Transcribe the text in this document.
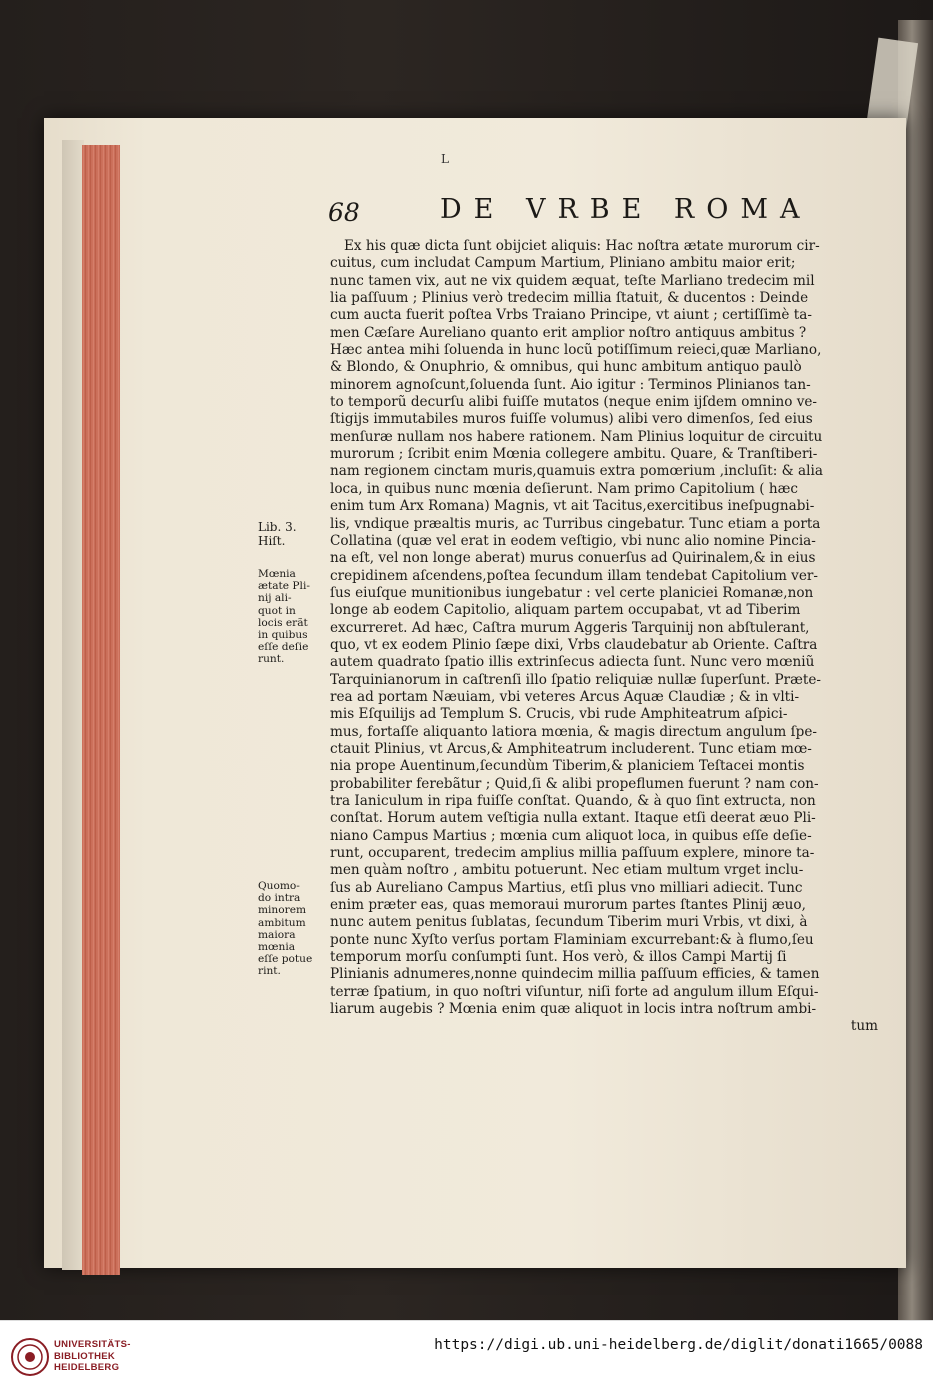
L
68	DE VRBE ROMA
Ex his quæ dicta ſunt obijciet aliquis: Hac noſtra ætate murorum cir-
cuitus, cum includat Campum Martium, Pliniano ambitu maior erit;
nunc tamen vix, aut ne vix quidem æquat, teſte Marliano tredecim mil
lia paſſuum ; Plinius verò tredecim millia ſtatuit, & ducentos : Deinde
cum aucta fuerit poſtea Vrbs Traiano Principe, vt aiunt ; certiſſimè ta-
men Cæſare Aureliano quanto erit amplior noſtro antiquus ambitus ?
Hæc antea mihi ſoluenda in hunc locũ potiſſimum reieci,quæ Marliano,
& Blondo, & Onuphrio, & omnibus, qui hunc ambitum antiquo paulò
minorem agnoſcunt,ſoluenda ſunt. Aio igitur : Terminos Plinianos tan-
to temporũ decurſu alibi fuiſſe mutatos (neque enim ijſdem omnino ve-
ſtigijs immutabiles muros fuiſſe volumus) alibi vero dimenſos, ſed eius
menſuræ nullam nos habere rationem. Nam Plinius loquitur de circuitu
murorum ; ſcribit enim Mœnia collegere ambitu. Quare, & Tranſtiberi-
nam regionem cinctam muris,quamuis extra pomœrium ,incluſit: & alia
loca, in quibus nunc mœnia deſierunt. Nam primo Capitolium ( hæc
enim tum Arx Romana) Magnis, vt ait Tacitus,exercitibus ineſpugnabi-
lis, vndique præaltis muris, ac Turribus cingebatur. Tunc etiam a porta
Collatina (quæ vel erat in eodem veſtigio, vbi nunc alio nomine Pincia-
na eſt, vel non longe aberat) murus conuerſus ad Quirinalem,& in eius
crepidinem aſcendens,poſtea ſecundum illam tendebat Capitolium ver-
ſus eiuſque munitionibus iungebatur : vel certe planiciei Romanæ,non
longe ab eodem Capitolio, aliquam partem occupabat, vt ad Tiberim
excurreret. Ad hæc, Caſtra murum Aggeris Tarquinij non abſtulerant,
quo, vt ex eodem Plinio ſæpe dixi, Vrbs claudebatur ab Oriente. Caſtra
autem quadrato ſpatio illis extrinſecus adiecta ſunt. Nunc vero mœniũ
Tarquinianorum in caſtrenſi illo ſpatio reliquiæ nullæ ſuperſunt. Præte-
rea ad portam Næuiam, vbi veteres Arcus Aquæ Claudiæ ; & in vlti-
mis Eſquilijs ad Templum S. Crucis, vbi rude Amphiteatrum aſpici-
mus, fortaſſe aliquanto latiora mœnia, & magis directum angulum ſpe-
ctauit Plinius, vt Arcus,& Amphiteatrum includerent. Tunc etiam mœ-
nia prope Auentinum,ſecundùm Tiberim,& planiciem Teſtacei montis
probabiliter ferebãtur ; Quid,ſi & alibi propeflumen fuerunt ? nam con-
tra Ianiculum in ripa fuiſſe conſtat. Quando, & à quo ſint extructa, non
conſtat. Horum autem veſtigia nulla extant. Itaque etſi deerat æuo Pli-
niano Campus Martius ; mœnia cum aliquot loca, in quibus eſſe deſie-
runt, occuparent, tredecim amplius millia paſſuum explere, minore ta-
men quàm noſtro , ambitu potuerunt. Nec etiam multum vrget inclu-
ſus ab Aureliano Campus Martius, etſi plus vno milliari adiecit. Tunc
enim præter eas, quas memoraui murorum partes ſtantes Plinij æuo,
nunc autem penitus ſublatas, ſecundum Tiberim muri Vrbis, vt dixi, à
ponte nunc Xyſto verſus portam Flaminiam excurrebant:& à flumo,ſeu
temporum morſu conſumpti ſunt. Hos verò, & illos Campi Martij ſi
Plinianis adnumeres,nonne quindecim millia paſſuum efficies, & tamen
terræ ſpatium, in quo noſtri viſuntur, niſi forte ad angulum illum Eſqui-
liarum augebis ? Mœnia enim quæ aliquot in locis intra noſtrum ambi-
tum
Lib. 3.
Hiſt.
Mœnia
ætate Pli-
nij ali-
quot in
locis erãt
in quibus
eſſe deſie
runt.
Quomo-
do intra
minorem
ambitum
maiora
mœnia
eſſe potue
rint.
UNIVERSITÄTS-
BIBLIOTHEK
HEIDELBERG
https://digi.ub.uni-heidelberg.de/diglit/donati1665/0088
